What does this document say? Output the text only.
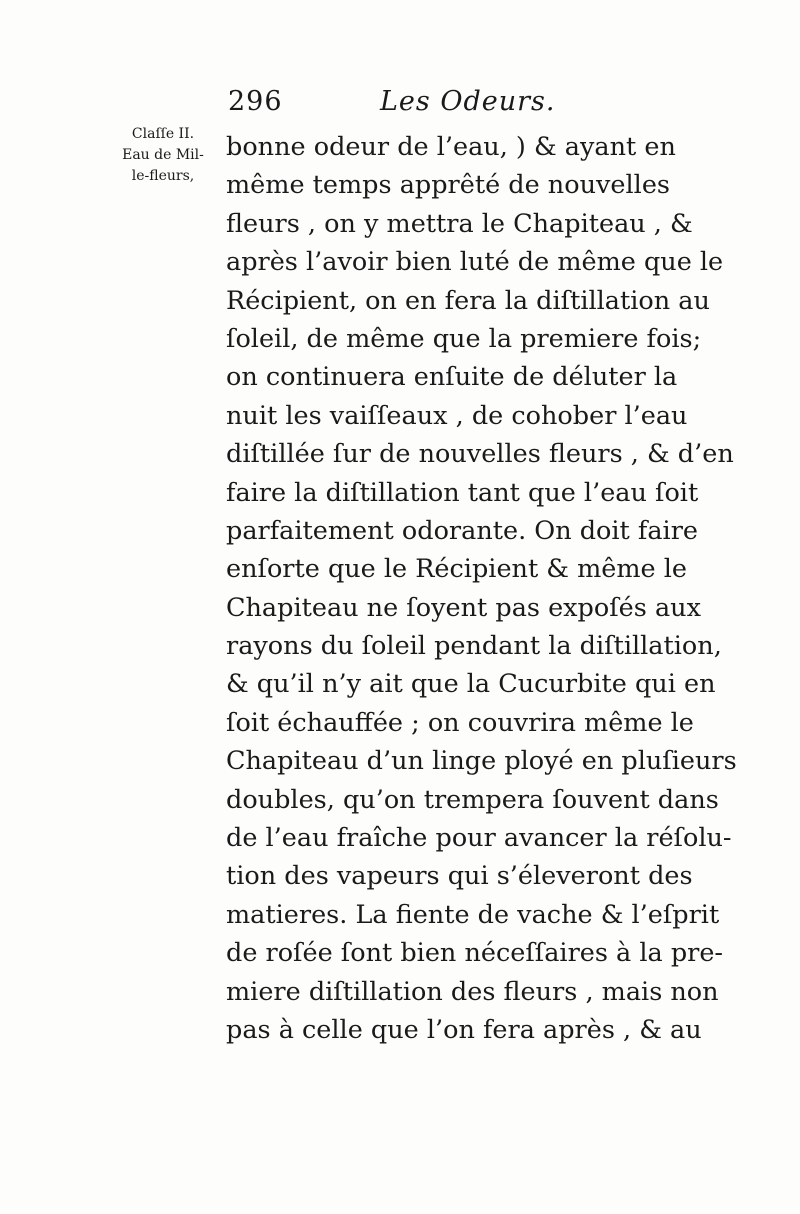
296	Les Odeurs.
Claſſe II.
Eau de Mil-
le-fleurs,
bonne odeur de l’eau, ) & ayant en
même temps apprêté de nouvelles
fleurs , on y mettra le Chapiteau , &
après l’avoir bien luté de même que le
Récipient, on en fera la diſtillation au
ſoleil, de même que la premiere fois;
on continuera enſuite de déluter la
nuit les vaiſſeaux , de cohober l’eau
diſtillée ſur de nouvelles fleurs , & d’en
faire la diſtillation tant que l’eau ſoit
parfaitement odorante. On doit faire
enſorte que le Récipient & même le
Chapiteau ne ſoyent pas expoſés aux
rayons du ſoleil pendant la diſtillation,
& qu’il n’y ait que la Cucurbite qui en
ſoit échauffée ; on couvrira même le
Chapiteau d’un linge ployé en pluſieurs
doubles, qu’on trempera ſouvent dans
de l’eau fraîche pour avancer la réſolu-
tion des vapeurs qui s’éleveront des
matieres. La fiente de vache & l’eſprit
de roſée ſont bien néceſſaires à la pre-
miere diſtillation des fleurs , mais non
pas à celle que l’on fera après , & au
